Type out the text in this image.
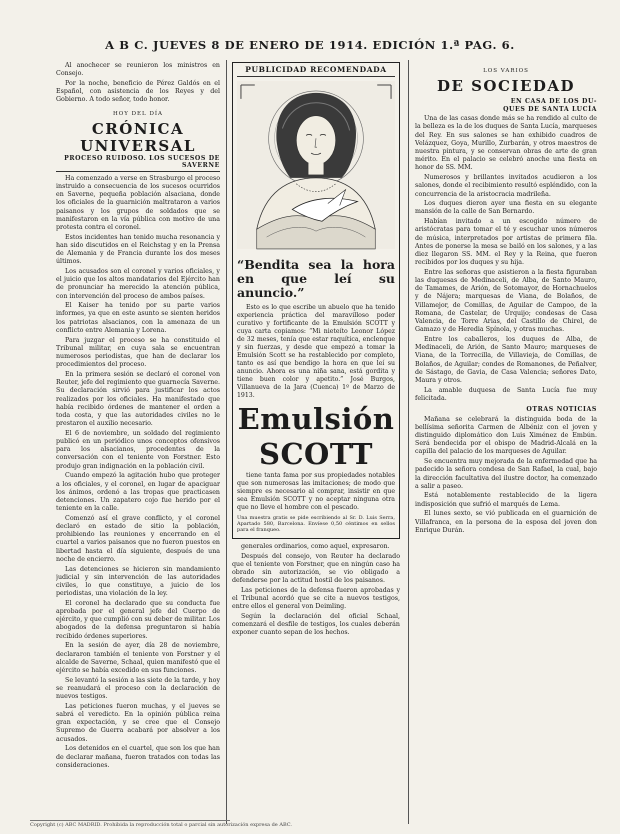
A B C. JUEVES 8 DE ENERO DE 1914. EDICIÓN 1.ª PAG. 6.

Al anochecer se reunieron los ministros en Consejo.

Por la noche, beneficio de Pérez Galdós en el Español, con asistencia de los Reyes y del Gobierno. A todo señor, todo honor.

HOY DEL DÍA
CRÓNICA UNIVERSAL
PROCESO RUIDOSO. LOS SUCESOS DE SAVERNE

Ha comenzado a verse en Strasburgo el proceso instruido a consecuencia de los sucesos ocurridos en Saverne, pequeña población alsaciana, donde los oficiales de la guarnición maltrataron a varios paisanos y los grupos de soldados que se manifestaron en la vía pública con motivo de una protesta contra el coronel.

Estos incidentes han tenido mucha resonancia y han sido discutidos en el Reichstag y en la Prensa de Alemania y de Francia durante los dos meses últimos.

Los acusados son el coronel y varios oficiales, y el juicio que los altos mandatarios del Ejército han de pronunciar ha merecido la atención pública, con intervención del proceso de ambos países.

El Kaiser ha tenido por su parte varios informes, ya que en este asunto se sienten heridos los patriotas alsacianos, con la amenaza de un conflicto entre Alemania y Lorena.

Para juzgar el proceso se ha constituido el Tribunal militar, en cuya sala se encuentran numerosos periodistas, que han de declarar los procedimientos del proceso.

En la primera sesión se declaró el coronel von Reuter, jefe del regimiento que guarnecía Saverne. Su declaración sirvió para justificar los actos realizados por los oficiales. Ha manifestado que había recibido órdenes de mantener el orden a toda costa, y que las autoridades civiles no le prestaron el auxilio necesario.

El 6 de noviembre, un soldado del regimiento publicó en un periódico unos conceptos ofensivos para los alsacianos, procedentes de la conversación con el teniente von Forstner. Esto produjo gran indignación en la población civil.

Cuando empezó la agitación hubo que proteger a los oficiales, y el coronel, en lugar de apaciguar los ánimos, ordenó a las tropas que practicasen detenciones. Un zapatero cojo fue herido por el teniente en la calle.

Comenzó así el grave conflicto, y el coronel declaró en estado de sitio la población, prohibiendo las reuniones y encerrando en el cuartel a varios paisanos que no fueron puestos en libertad hasta el día siguiente, después de una noche de encierro.

Las detenciones se hicieron sin mandamiento judicial y sin intervención de las autoridades civiles, lo que constituye, a juicio de los periodistas, una violación de la ley.

El coronel ha declarado que su conducta fue aprobada por el general jefe del Cuerpo de ejército, y que cumplió con su deber de militar. Los abogados de la defensa preguntaron si había recibido órdenes superiores.

En la sesión de ayer, día 28 de noviembre, declararon también el teniente von Forstner y el alcalde de Saverne, Schaal, quien manifestó que el ejército se había excedido en sus funciones.

Se levantó la sesión a las siete de la tarde, y hoy se reanudará el proceso con la declaración de nuevos testigos.

Las peticiones fueron muchas, y el jueves se sabrá el veredicto. En la opinión pública reina gran expectación, y se cree que el Consejo Supremo de Guerra acabará por absolver a los acusados.

Los detenidos en el cuartel, que son los que han de declarar mañana, fueron tratados con todas las consideraciones.

PUBLICIDAD RECOMENDADA
“Bendita sea la hora en que leí su anuncio.”

Esto es lo que escribe un abuelo que ha tenido experiencia práctica del maravilloso poder curativo y fortificante de la Emulsión SCOTT y cuya carta copiamos: “Mi nieteíto Leonor López de 32 meses, tenía que estar raquítica, enclenque y sin fuerzas, y desde que empezó a tomar la Emulsión Scott se ha restablecido por completo, tanto es así que bendigo la hora en que leí su anuncio. Ahora es una niña sana, está gordita y tiene buen color y apetito.” José Burgos, Villanueva de la Jara (Cuenca) 1º de Marzo de 1913.

Emulsión
SCOTT

tiene tanta fama por sus propiedades notables que son numerosas las imitaciones; de modo que siempre es necesario al comprar, insistir en que sea Emulsión SCOTT y no aceptar ninguna otra que no lleve el hombre con el pescado.

Una muestra gratis se pide escribiendo al Sr. D. Luis Serra, Apartado 580, Barcelona. Envíese 0,50 céntimos en sellos para el franqueo.

generales ordinarios, como aquel, expresaron.

Después del consejo, von Reuter ha declarado que el teniente von Forstner, que en ningún caso ha obrado sin autorización, se vio obligado a defenderse por la actitud hostil de los paisanos.

Las peticiones de la defensa fueron aprobadas y el Tribunal acordó que se cite a nuevos testigos, entre ellos el general von Deimling.

Según la declaración del oficial Schaal, comenzará el desfile de testigos, los cuales deberán exponer cuanto sepan de los hechos.

LOS VARIOS
DE SOCIEDAD
EN CASA DE LOS DU-
QUES DE SANTA LUCÍA

Una de las casas donde más se ha rendido al culto de la belleza es la de los duques de Santa Lucía, marqueses del Rey. En sus salones se han exhibido cuadros de Velázquez, Goya, Murillo, Zurbarán, y otros maestros de nuestra pintura, y se conservan obras de arte de gran mérito. En el palacio se celebró anoche una fiesta en honor de SS. MM.

Numerosos y brillantes invitados acudieron a los salones, donde el recibimiento resultó espléndido, con la concurrencia de la aristocracia madrileña.

Los duques dieron ayer una fiesta en su elegante mansión de la calle de San Bernardo.

Habían invitado a un escogido número de aristócratas para tomar el té y escuchar unos números de música, interpretados por artistas de primera fila. Antes de ponerse la mesa se bailó en los salones, y a las diez llegaron SS. MM. el Rey y la Reina, que fueron recibidos por los duques y su hija.

Entre las señoras que asistieron a la fiesta figuraban las duquesas de Medinaceli, de Alba, de Santo Mauro, de Tamames, de Arión, de Sotomayor, de Hornachuelos y de Nájera; marquesas de Viana, de Bolaños, de Villamejor, de Comillas, de Aguilar de Campoo, de la Romana, de Castelar, de Urquijo; condesas de Casa Valencia, de Torre Arias, del Castillo de Chirel, de Gamazo y de Heredia Spínola, y otras muchas.

Entre los caballeros, los duques de Alba, de Medinaceli, de Arión, de Santo Mauro; marqueses de Viana, de la Torrecilla, de Villavieja, de Comillas, de Bolaños, de Aguilar; condes de Romanones, de Peñalver, de Sástago, de Gavia, de Casa Valencia; señores Dato, Maura y otros.

La amable duquesa de Santa Lucía fue muy felicitada.

OTRAS NOTICIAS

Mañana se celebrará la distinguida boda de la bellísima señorita Carmen de Albéniz con el joven y distinguido diplomático don Luis Ximénez de Embún. Será bendecida por el obispo de Madrid-Alcalá en la capilla del palacio de los marqueses de Aguilar.

Se encuentra muy mejorada de la enfermedad que ha padecido la señora condesa de San Rafael, la cual, bajo la dirección facultativa del ilustre doctor, ha comenzado a salir a paseo.

Está notablemente restablecido de la ligera indisposición que sufrió el marqués de Lema.

El lunes sexto, se vió publicada en el guarnición de Villafranca, en la persona de la esposa del joven don Enrique Durán.

Copyright (c) ABC MADRID. Prohibida la reproducción total o parcial sin autorización expresa de ABC.
